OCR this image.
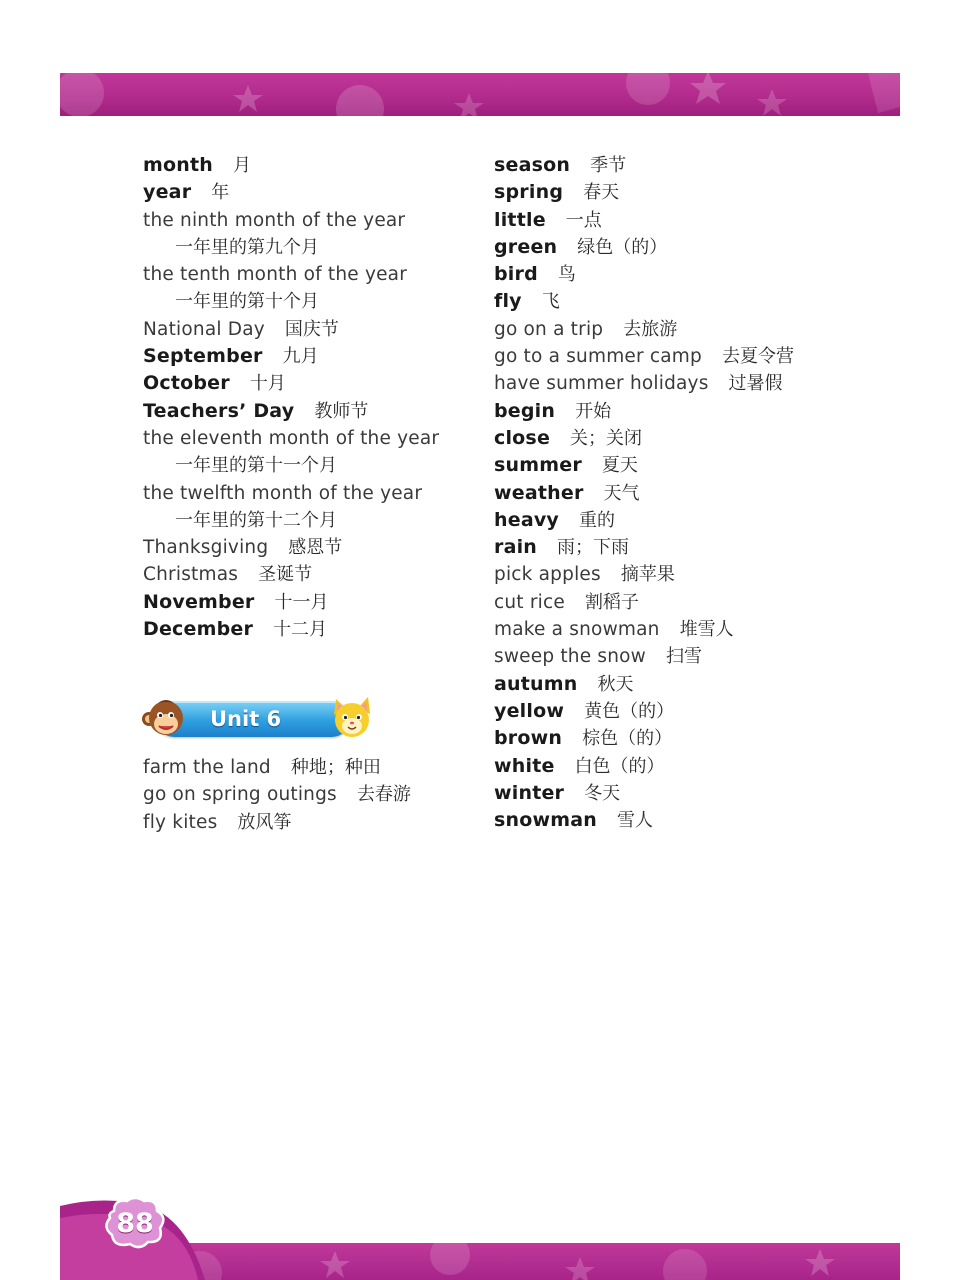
month 月
year 年
the ninth month of the year
一年里的第九个月
the tenth month of the year
一年里的第十个月
National Day 国庆节
September 九月
October 十月
Teachers’ Day 教师节
the eleventh month of the year
一年里的第十一个月
the twelfth month of the year
一年里的第十二个月
Thanksgiving 感恩节
Christmas 圣诞节
November 十一月
December 十二月
Unit 6
farm the land 种地；种田
go on spring outings 去春游
fly kites 放风筝
season 季节
spring 春天
little 一点
green 绿色（的）
bird 鸟
fly 飞
go on a trip 去旅游
go to a summer camp 去夏令营
have summer holidays 过暑假
begin 开始
close 关；关闭
summer 夏天
weather 天气
heavy 重的
rain 雨；下雨
pick apples 摘苹果
cut rice 割稻子
make a snowman 堆雪人
sweep the snow 扫雪
autumn 秋天
yellow 黄色（的）
brown 棕色（的）
white 白色（的）
winter 冬天
snowman 雪人
88
